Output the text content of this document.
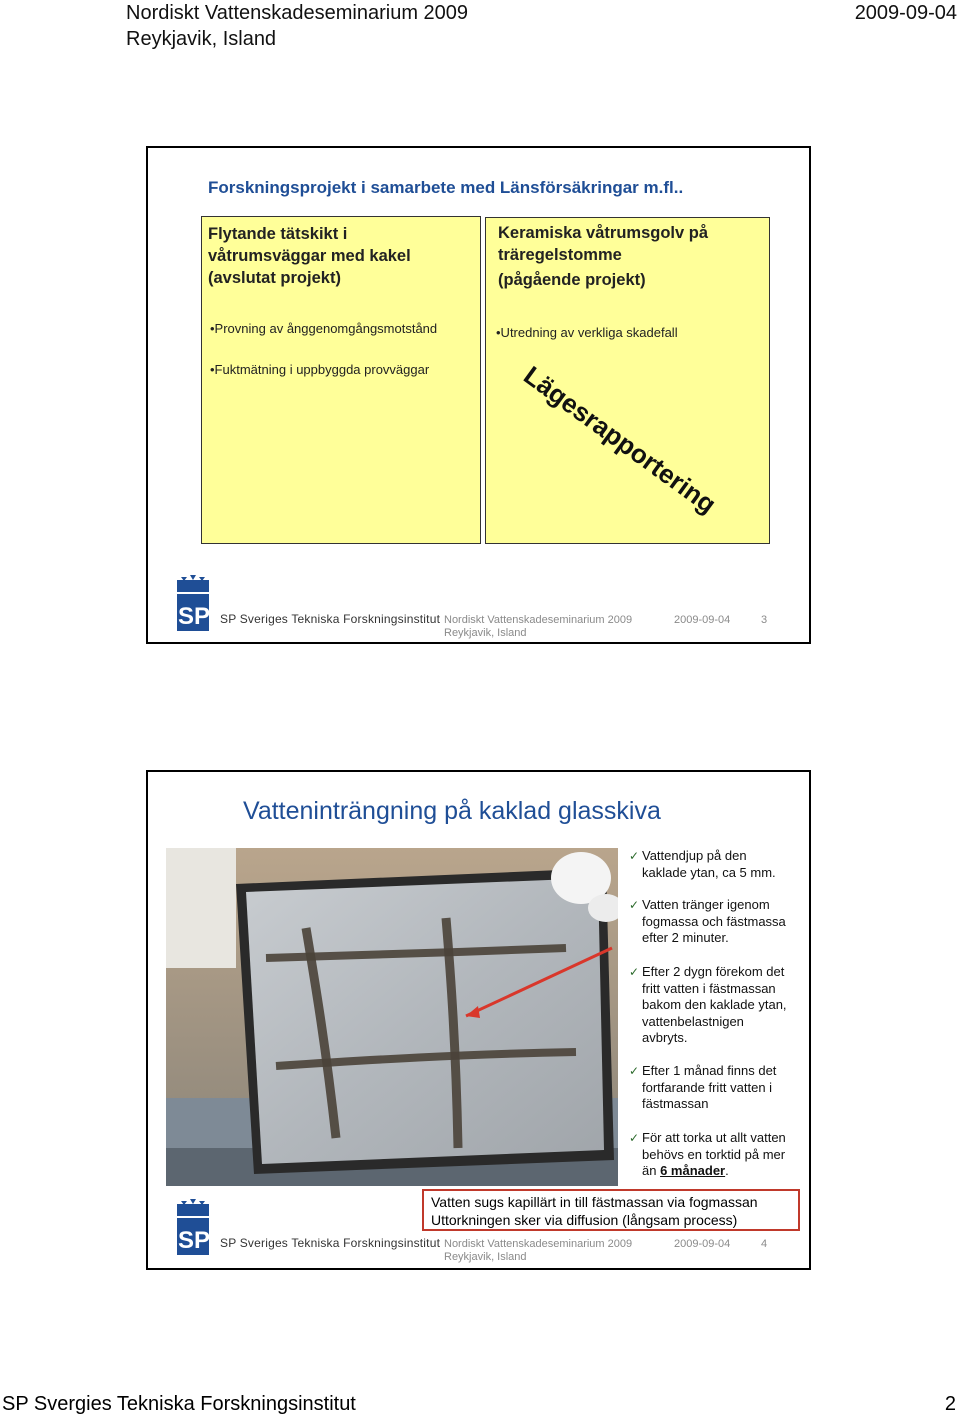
Nordiskt Vattenskadeseminarium 2009
Reykjavik, Island
2009-09-04
Forskningsprojekt i samarbete med Länsförsäkringar m.fl..
Flytande tätskikt i
våtrumsväggar med kakel
(avslutat projekt)
•Provning av ånggenomgångsmotstånd
•Fuktmätning i uppbyggda provväggar
Keramiska våtrumsgolv på
träregelstomme
(pågående projekt)
•Utredning av verkliga skadefall
Lägesrapportering
SP SP Sveriges Tekniska Forskningsinstitut Nordiskt Vattenskadeseminarium 2009
Reykjavik, Island
2009-09-04	3
Vatteninträngning på kaklad glasskiva
✓ Vattendjup på den
kaklade ytan, ca 5 mm.
✓ Vatten tränger igenom
fogmassa och fästmassa
efter 2 minuter.
✓ Efter 2 dygn förekom det
fritt vatten i fästmassan
bakom den kaklade ytan,
vattenbelastnigen
avbryts.
✓ Efter 1 månad finns det
fortfarande fritt vatten i
fästmassan
✓ För att torka ut allt vatten
behövs en torktid på mer
än 6 månader.
Vatten sugs kapillärt in till fästmassan via fogmassan
Uttorkningen sker via diffusion (långsam process)
SP SP Sveriges Tekniska Forskningsinstitut Nordiskt Vattenskadeseminarium 2009
Reykjavik, Island
2009-09-04	4
SP Svergies Tekniska Forskningsinstitut	2
